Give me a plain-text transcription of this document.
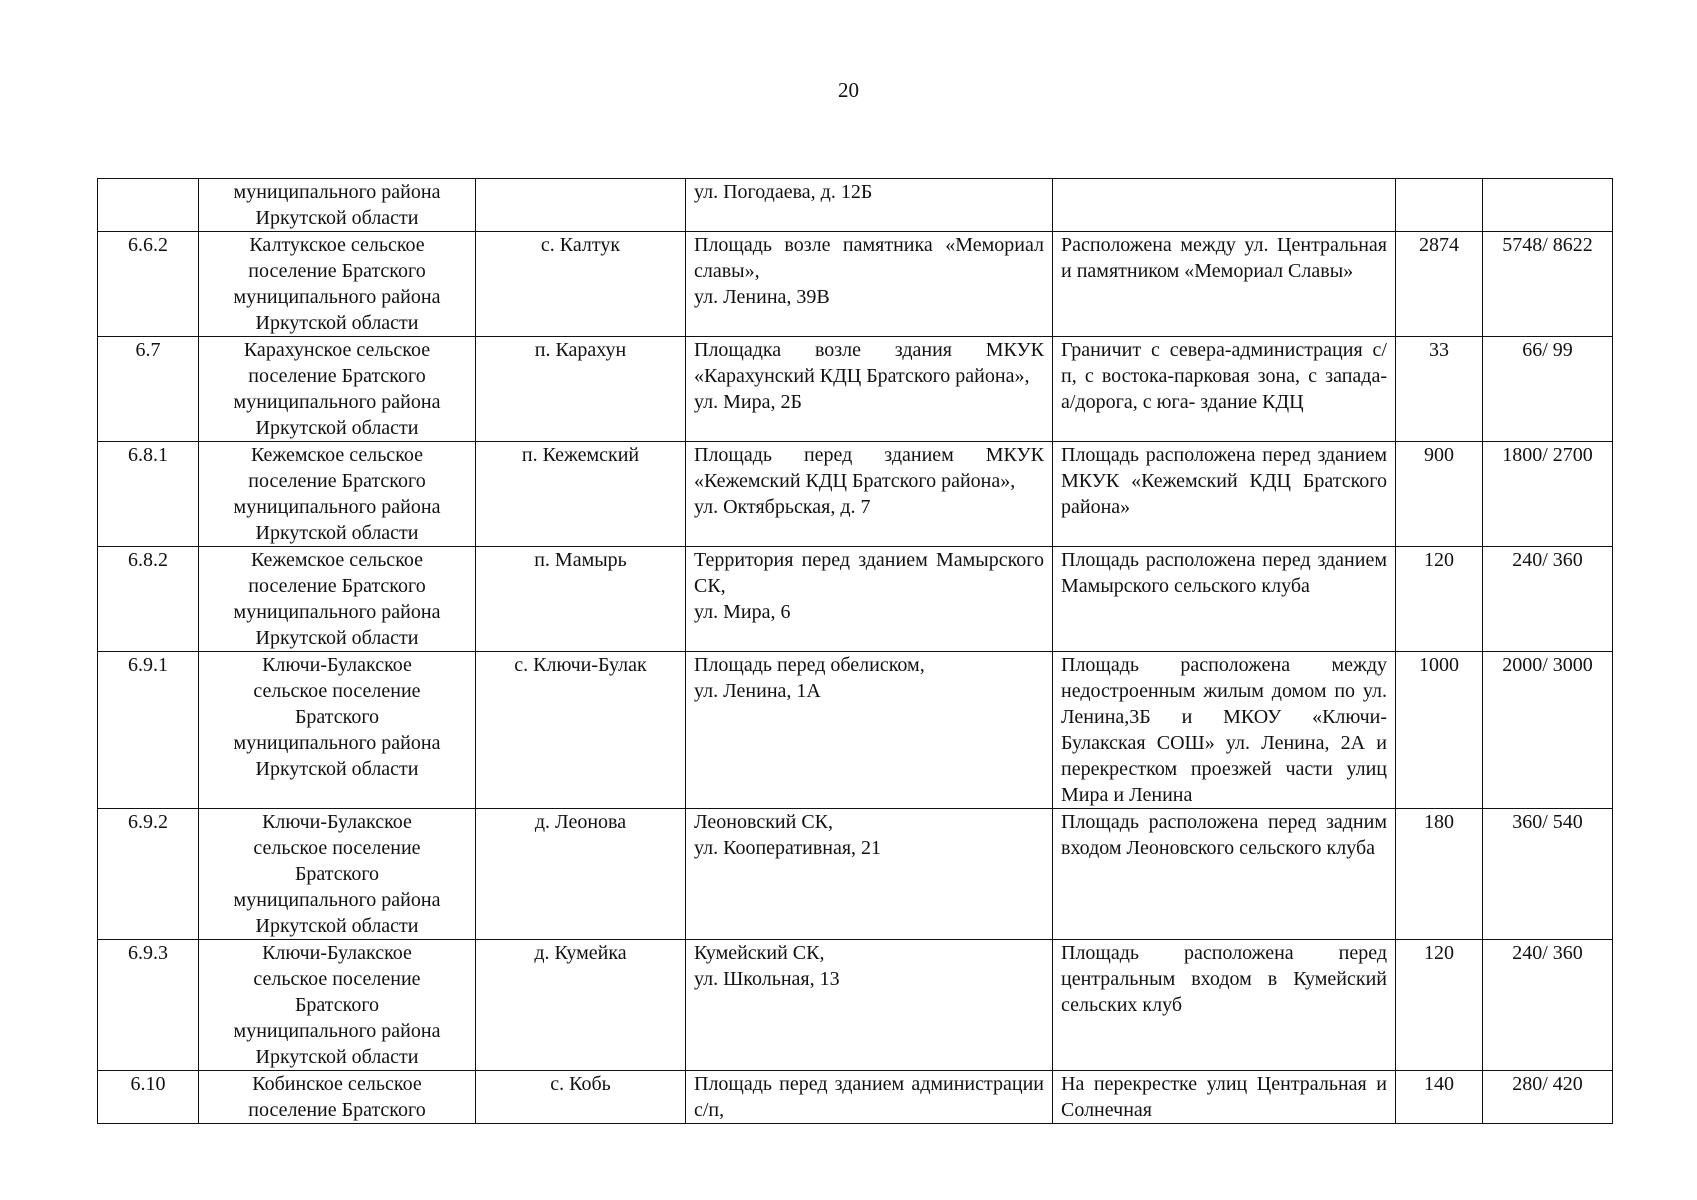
20

	муниципального района
Иркутской области		ул. Погодаева, д. 12Б			

6.6.2	Калтукское сельское
поселение Братского
муниципального района
Иркутской области	с. Калтук	Площадь возле памятника «Мемориал славы»,
ул. Ленина, 39В	Расположена между ул. Центральная и памятником «Мемориал Славы»	2874	5748/ 8622
6.7	Карахунское сельское
поселение Братского
муниципального района
Иркутской области	п. Карахун	Площадка возле здания МКУК «Карахунский КДЦ Братского района»,
ул. Мира, 2Б	Граничит с севера-администрация с/п, с востока-парковая зона, с запада- а/дорога, с юга- здание КДЦ	33	66/ 99
6.8.1	Кежемское сельское
поселение Братского
муниципального района
Иркутской области	п. Кежемский	Площадь перед зданием МКУК «Кежемский КДЦ Братского района»,
ул. Октябрьская, д. 7	Площадь расположена перед зданием МКУК «Кежемский КДЦ Братского района»	900	1800/ 2700
6.8.2	Кежемское сельское
поселение Братского
муниципального района
Иркутской области	п. Мамырь	Территория перед зданием Мамырского СК,
ул. Мира, 6	Площадь расположена перед зданием Мамырского сельского клуба	120	240/ 360
6.9.1	Ключи-Булакское
сельское поселение
Братского
муниципального района
Иркутской области	с. Ключи-Булак	Площадь перед обелиском,
ул. Ленина, 1А	Площадь расположена между недостроенным жилым домом по ул. Ленина,3Б и МКОУ «Ключи-Булакская СОШ» ул. Ленина, 2А и перекрестком проезжей части улиц Мира и Ленина	1000	2000/ 3000
6.9.2	Ключи-Булакское
сельское поселение
Братского
муниципального района
Иркутской области	д. Леонова	Леоновский СК,
ул. Кооперативная, 21	Площадь расположена перед задним входом Леоновского сельского клуба	180	360/ 540
6.9.3	Ключи-Булакское
сельское поселение
Братского
муниципального района
Иркутской области	д. Кумейка	Кумейский СК,
ул. Школьная, 13	Площадь расположена перед центральным входом в Кумейский сельских клуб	120	240/ 360
6.10	Кобинское сельское
поселение Братского	с. Кобь	Площадь перед зданием администрации с/п,	На перекрестке улиц Центральная и Солнечная	140	280/ 420
